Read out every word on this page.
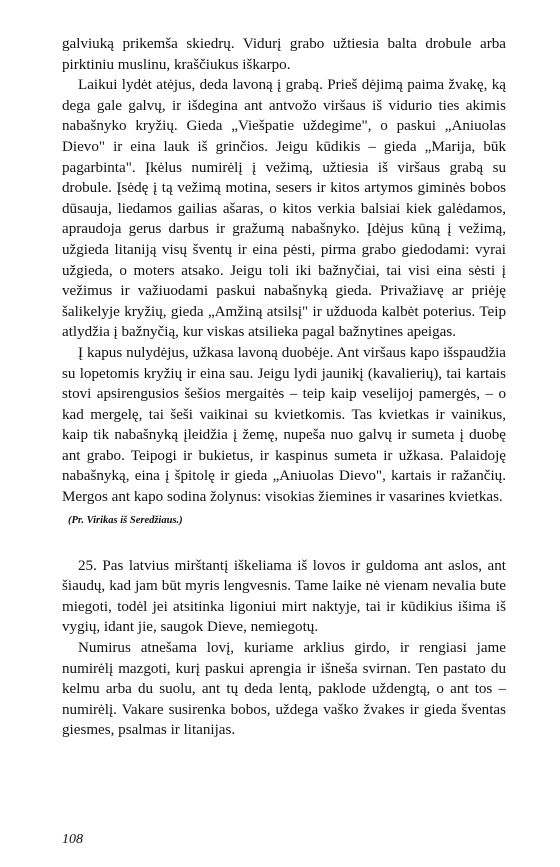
galviuką prikemša skiedrų. Vidurį grabo užtiesia balta drobule arba pirktiniu muslinu, kraščiukus iškarpo.

Laikui lydėt atėjus, deda lavoną į grabą. Prieš dėjimą paima žvakę, ką dega gale galvų, ir išdegina ant antvožo viršaus iš vidurio ties akimis nabašnyko kryžių. Gieda „Viešpatie uždegime", o paskui „Aniuolas Dievo" ir eina lauk iš grinčios. Jeigu kūdikis – gieda „Marija, būk pagarbinta". Įkėlus numirėlį į vežimą, užtiesia iš viršaus grabą su drobule. Įsėdę į tą vežimą motina, sesers ir kitos artymos giminės bobos dūsauja, liedamos gailias ašaras, o kitos verkia balsiai kiek galėdamos, apraudoja gerus darbus ir gražumą nabašnyko. Įdėjus kūną į vežimą, užgieda litaniją visų šventų ir eina pėsti, pirma grabo giedodami: vyrai užgieda, o moters atsako. Jeigu toli iki bažnyčiai, tai visi eina sėsti į vežimus ir važiuodami paskui nabašnyką gieda. Privažiavę ar priėję šalikelyje kryžių, gieda „Amžiną atsilsį" ir užduoda kalbėt poterius. Teip atlydžia į bažnyčią, kur viskas atsilieka pagal bažnytines apeigas.

Į kapus nulydėjus, užkasa lavoną duobėje. Ant viršaus kapo išspaudžia su lopetomis kryžių ir eina sau. Jeigu lydi jaunikį (kavalierių), tai kartais stovi apsirengusios šešios mergaitės – teip kaip veselijoj pamergės, – o kad mergelę, tai šeši vaikinai su kvietkomis. Tas kvietkas ir vainikus, kaip tik nabašnyką įleidžia į žemę, nupeša nuo galvų ir sumeta į duobę ant grabo. Teipogi ir bukietus, ir kaspinus sumeta ir užkasa. Palaidoję nabašnyką, eina į špitolę ir gieda „Aniuolas Dievo", kartais ir ražančių. Mergos ant kapo sodina žolynus: visokias žiemines ir vasarines kvietkas.

(Pr. Virikas iš Seredžiaus.)

25. Pas latvius mirštantį iškeliama iš lovos ir guldoma ant aslos, ant šiaudų, kad jam būt myris lengvesnis. Tame laike nė vienam nevalia bute miegoti, todėl jei atsitinka ligoniui mirt naktyje, tai ir kūdikius išima iš vygių, idant jie, saugok Dieve, nemiegotų.

Numirus atnešama lovį, kuriame arklius girdo, ir rengiasi jame numirėlį mazgoti, kurį paskui aprengia ir išneša svirnan. Ten pastato du kelmu arba du suolu, ant tų deda lentą, paklode uždengtą, o ant tos – numirėlį. Vakare susirenka bobos, uždega vaško žvakes ir gieda šventas giesmes, psalmas ir litanijas.

108
